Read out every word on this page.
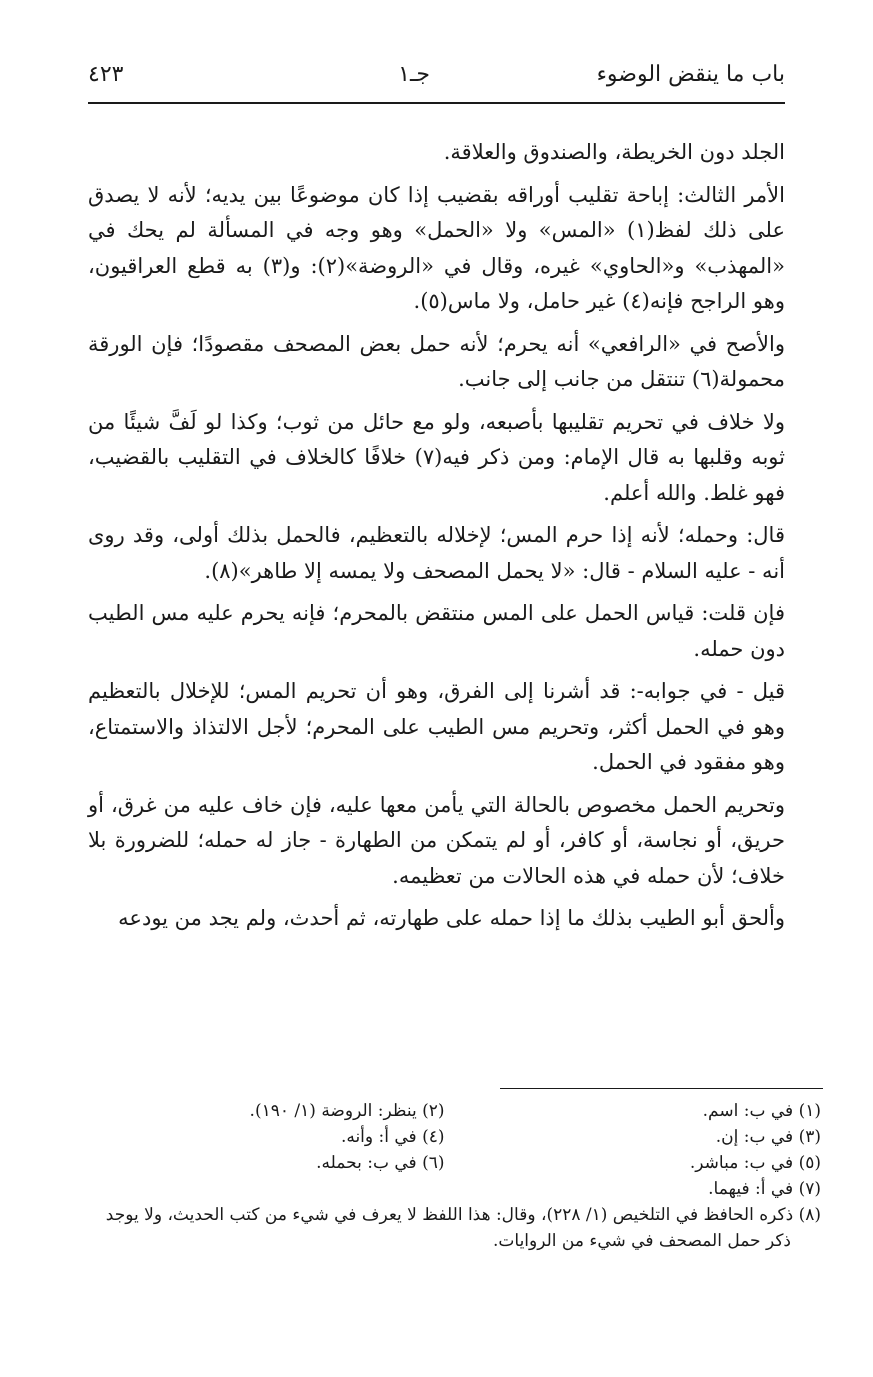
باب ما ينقض الوضوء
جـ١
٤٢٣

الجلد دون الخريطة، والصندوق والعلاقة.

الأمر الثالث: إباحة تقليب أوراقه بقضيب إذا كان موضوعًا بين يديه؛ لأنه لا يصدق على ذلك لفظ(١) «المس» ولا «الحمل» وهو وجه في المسألة لم يحك في «المهذب» و«الحاوي» غيره، وقال في «الروضة»(٢): و(٣) به قطع العراقيون، وهو الراجح فإنه(٤) غير حامل، ولا ماس(٥).

والأصح في «الرافعي» أنه يحرم؛ لأنه حمل بعض المصحف مقصودًا؛ فإن الورقة محمولة(٦) تنتقل من جانب إلى جانب.

ولا خلاف في تحريم تقليبها بأصبعه، ولو مع حائل من ثوب؛ وكذا لو لَفَّ شيئًا من ثوبه وقلبها به قال الإمام: ومن ذكر فيه(٧) خلافًا كالخلاف في التقليب بالقضيب، فهو غلط. والله أعلم.

قال: وحمله؛ لأنه إذا حرم المس؛ لإخلاله بالتعظيم، فالحمل بذلك أولى، وقد روى أنه - عليه السلام - قال: «لا يحمل المصحف ولا يمسه إلا طاهر»(٨).

فإن قلت: قياس الحمل على المس منتقض بالمحرم؛ فإنه يحرم عليه مس الطيب دون حمله.

قيل - في جوابه-: قد أشرنا إلى الفرق، وهو أن تحريم المس؛ للإخلال بالتعظيم وهو في الحمل أكثر، وتحريم مس الطيب على المحرم؛ لأجل الالتذاذ والاستمتاع، وهو مفقود في الحمل.

وتحريم الحمل مخصوص بالحالة التي يأمن معها عليه، فإن خاف عليه من غرق، أو حريق، أو نجاسة، أو كافر، أو لم يتمكن من الطهارة - جاز له حمله؛ للضرورة بلا خلاف؛ لأن حمله في هذه الحالات من تعظيمه.

وألحق أبو الطيب بذلك ما إذا حمله على طهارته، ثم أحدث، ولم يجد من يودعه

(١) في ب: اسم.
(٢) ينظر: الروضة (١/ ١٩٠).
(٣) في ب: إن.
(٤) في أ: وأنه.
(٥) في ب: مباشر.
(٦) في ب: بحمله.
(٧) في أ: فيهما.
(٨) ذكره الحافظ في التلخيص (١/ ٢٢٨)، وقال: هذا اللفظ لا يعرف في شيء من كتب الحديث، ولا يوجد ذكر حمل المصحف في شيء من الروايات.
